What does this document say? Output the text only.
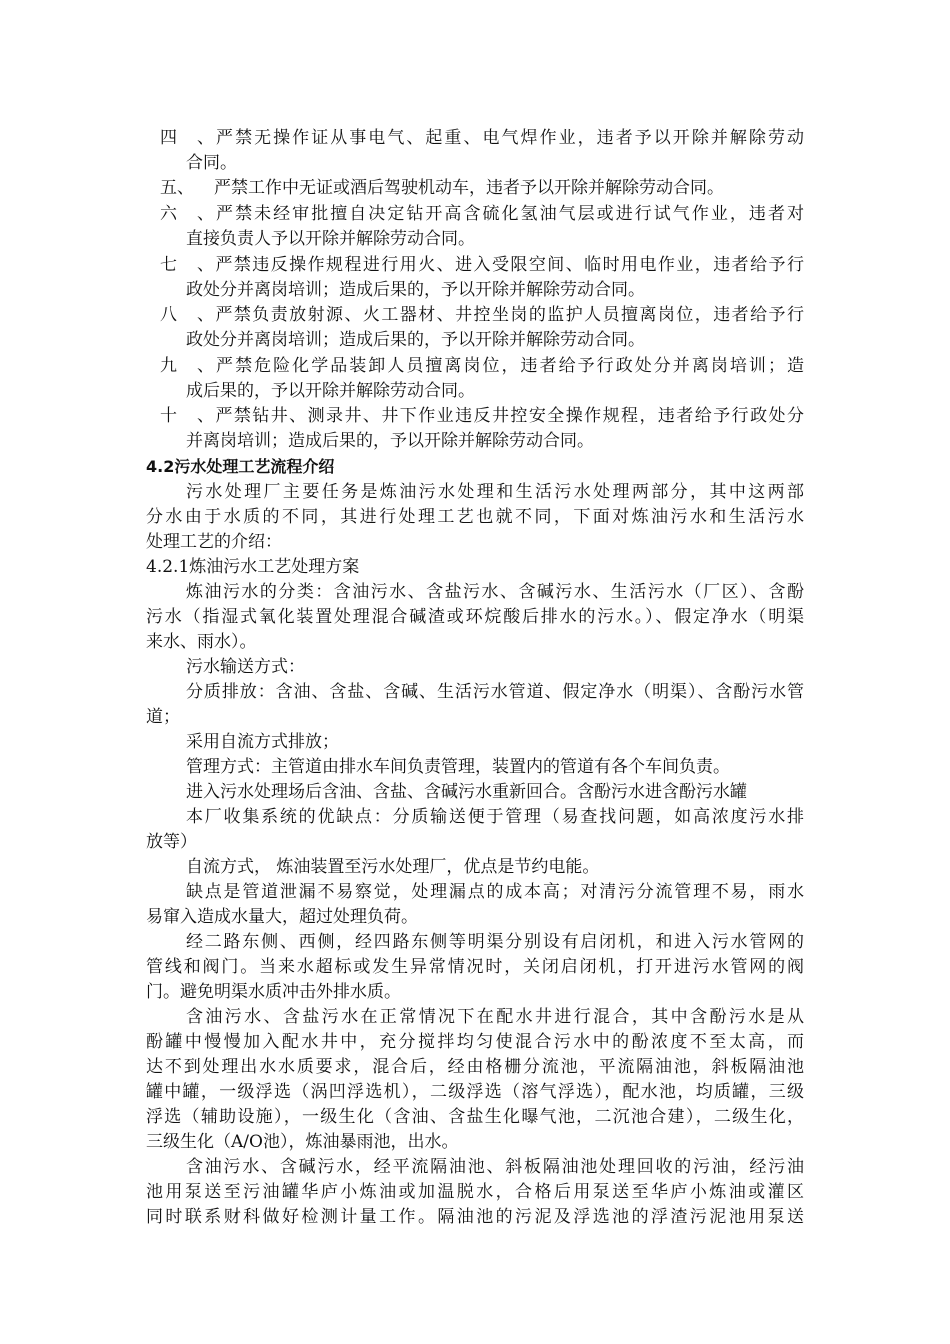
四、严禁无操作证从事电气、起重、电气焊作业，违者予以开除并解除劳动
合同。
五、 严禁工作中无证或酒后驾驶机动车，违者予以开除并解除劳动合同。
六、严禁未经审批擅自决定钻开高含硫化氢油气层或进行试气作业，违者对
直接负责人予以开除并解除劳动合同。
七、严禁违反操作规程进行用火、进入受限空间、临时用电作业，违者给予行
政处分并离岗培训；造成后果的，予以开除并解除劳动合同。
八、严禁负责放射源、火工器材、井控坐岗的监护人员擅离岗位，违者给予行
政处分并离岗培训；造成后果的，予以开除并解除劳动合同。
九、严禁危险化学品装卸人员擅离岗位，违者给予行政处分并离岗培训；造
成后果的，予以开除并解除劳动合同。
十、严禁钻井、测录井、井下作业违反井控安全操作规程，违者给予行政处分
并离岗培训；造成后果的，予以开除并解除劳动合同。
4.2污水处理工艺流程介绍
污水处理厂主要任务是炼油污水处理和生活污水处理两部分，其中这两部
分水由于水质的不同，其进行处理工艺也就不同，下面对炼油污水和生活污水
处理工艺的介绍：
4.2.1炼油污水工艺处理方案
炼油污水的分类：含油污水、含盐污水、含碱污水、生活污水（厂区）、含酚
污水（指湿式氧化装置处理混合碱渣或环烷酸后排水的污水。）、假定净水（明渠
来水、雨水）。
污水输送方式：
分质排放：含油、含盐、含碱、生活污水管道、假定净水（明渠）、含酚污水管
道；
采用自流方式排放；
管理方式：主管道由排水车间负责管理，装置内的管道有各个车间负责。
进入污水处理场后含油、含盐、含碱污水重新回合。含酚污水进含酚污水罐
本厂收集系统的优缺点：分质输送便于管理（易查找问题，如高浓度污水排
放等）
自流方式， 炼油装置至污水处理厂，优点是节约电能。
缺点是管道泄漏不易察觉，处理漏点的成本高；对清污分流管理不易，雨水
易窜入造成水量大，超过处理负荷。
经二路东侧、西侧，经四路东侧等明渠分别设有启闭机，和进入污水管网的
管线和阀门。当来水超标或发生异常情况时，关闭启闭机，打开进污水管网的阀
门。避免明渠水质冲击外排水质。
含油污水、含盐污水在正常情况下在配水井进行混合，其中含酚污水是从
酚罐中慢慢加入配水井中，充分搅拌均匀使混合污水中的酚浓度不至太高，而
达不到处理出水水质要求，混合后，经由格栅分流池，平流隔油池，斜板隔油池
罐中罐，一级浮选（涡凹浮选机），二级浮选（溶气浮选），配水池，均质罐，三级
浮选（辅助设施），一级生化（含油、含盐生化曝气池，二沉池合建），二级生化，
三级生化（A/O池），炼油暴雨池，出水。
含油污水、含碱污水，经平流隔油池、斜板隔油池处理回收的污油，经污油
池用泵送至污油罐华庐小炼油或加温脱水，合格后用泵送至华庐小炼油或灌区
同时联系财科做好检测计量工作。隔油池的污泥及浮选池的浮渣污泥池用泵送
